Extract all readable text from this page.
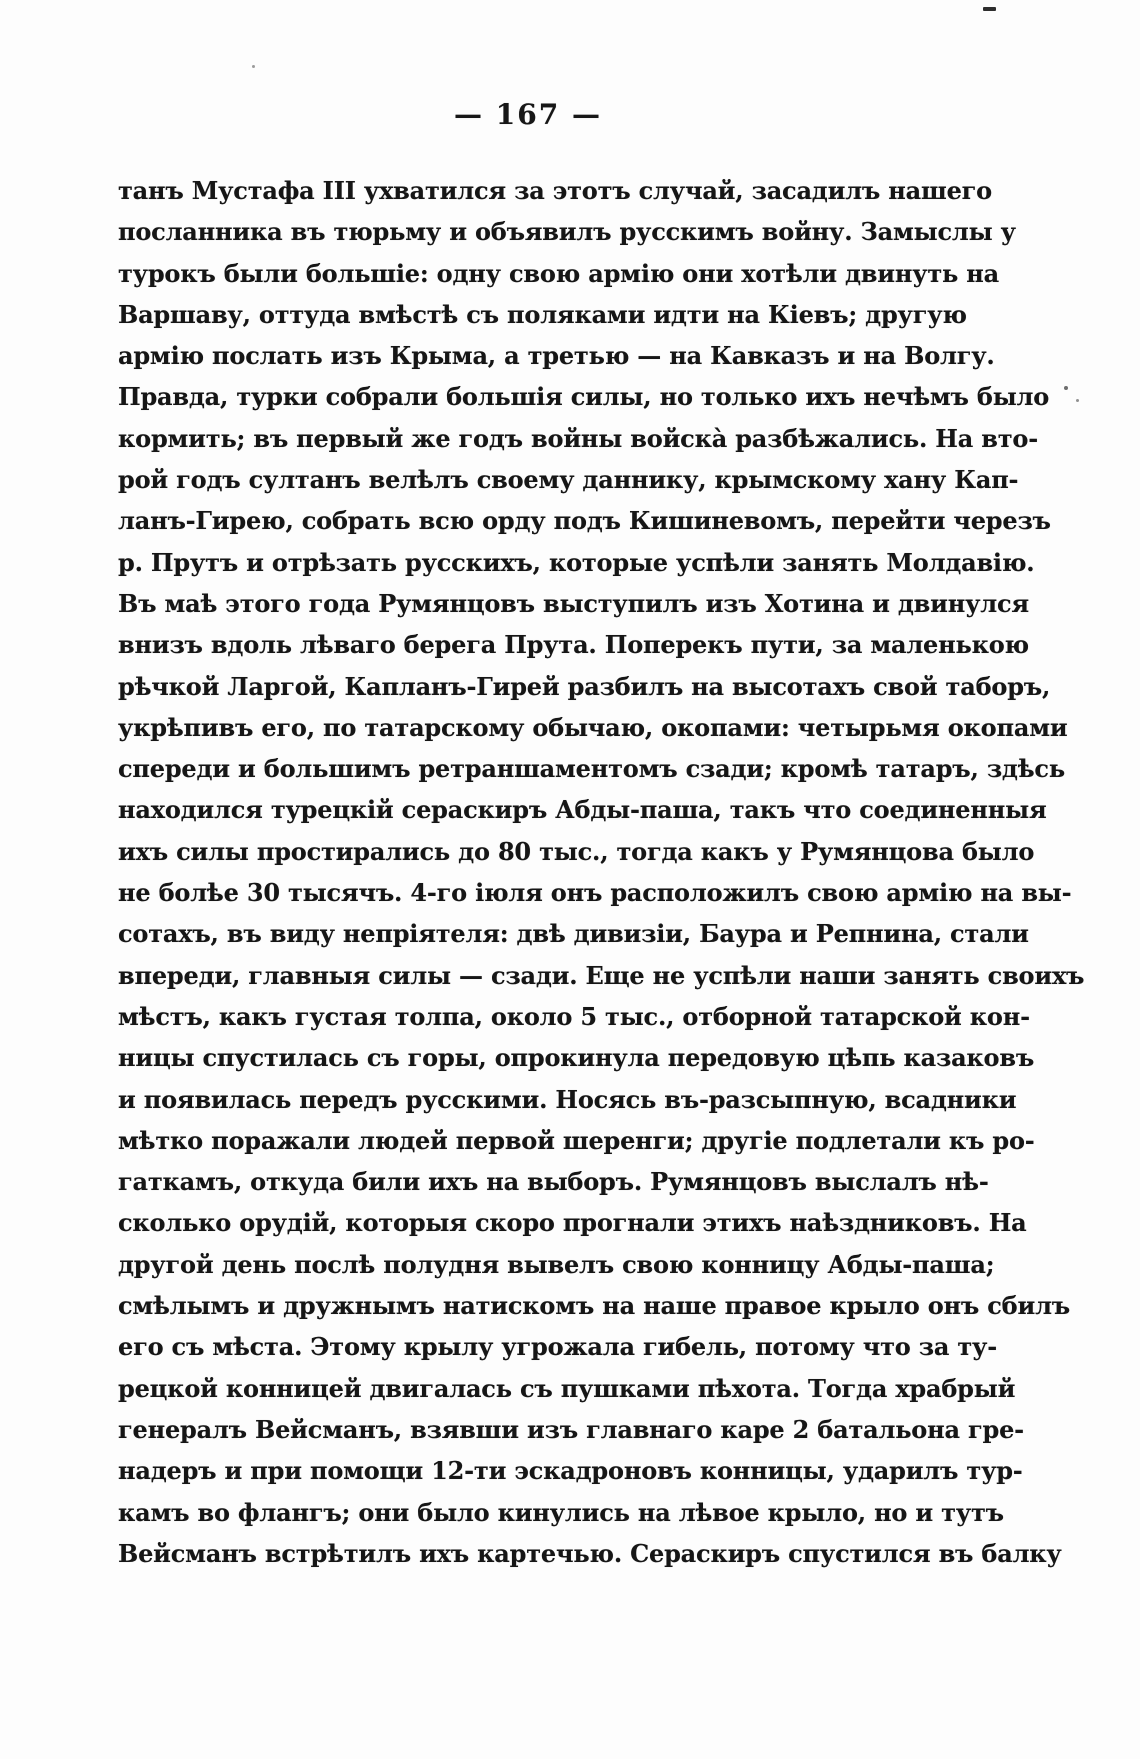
— 167 —
танъ Мустафа III ухватился за этотъ случай, засадилъ нашего
посланника въ тюрьму и объявилъ русскимъ войну. Замыслы у
турокъ были большіе: одну свою армію они хотѣли двинуть на
Варшаву, оттуда вмѣстѣ съ поляками идти на Кіевъ; другую
армію послать изъ Крыма, а третью — на Кавказъ и на Волгу.
Правда, турки собрали большія силы, но только ихъ нечѣмъ было
кормить; въ первый же годъ войны войска̀ разбѣжались. На вто-
рой годъ султанъ велѣлъ своему даннику, крымскому хану Кап-
ланъ-Гирею, собрать всю орду подъ Кишиневомъ, перейти черезъ
р. Прутъ и отрѣзать русскихъ, которые успѣли занять Молдавію.
Въ маѣ этого года Румянцовъ выступилъ изъ Хотина и двинулся
внизъ вдоль лѣваго берега Прута. Поперекъ пути, за маленькою
рѣчкой Ларгой, Капланъ-Гирей разбилъ на высотахъ свой таборъ,
укрѣпивъ его, по татарскому обычаю, окопами: четырьмя окопами
спереди и большимъ ретраншаментомъ сзади; кромѣ татаръ, здѣсь
находился турецкій сераскиръ Абды-паша, такъ что соединенныя
ихъ силы простирались до 80 тыс., тогда какъ у Румянцова было
не болѣе 30 тысячъ. 4-го іюля онъ расположилъ свою армію на вы-
сотахъ, въ виду непріятеля: двѣ дивизіи, Баура и Репнина, стали
впереди, главныя силы — сзади. Еще не успѣли наши занять своихъ
мѣстъ, какъ густая толпа, около 5 тыс., отборной татарской кон-
ницы спустилась съ горы, опрокинула передовую цѣпь казаковъ
и появилась передъ русскими. Носясь въ-разсыпную, всадники
мѣтко поражали людей первой шеренги; другіе подлетали къ ро-
гаткамъ, откуда били ихъ на выборъ. Румянцовъ выслалъ нѣ-
сколько орудій, которыя скоро прогнали этихъ наѣздниковъ. На
другой день послѣ полудня вывелъ свою конницу Абды-паша;
смѣлымъ и дружнымъ натискомъ на наше правое крыло онъ сбилъ
его съ мѣста. Этому крылу угрожала гибель, потому что за ту-
рецкой конницей двигалась съ пушками пѣхота. Тогда храбрый
генералъ Вейсманъ, взявши изъ главнаго каре 2 батальона гре-
надеръ и при помощи 12-ти эскадроновъ конницы, ударилъ тур-
камъ во флангъ; они было кинулись на лѣвое крыло, но и тутъ
Вейсманъ встрѣтилъ ихъ картечью. Сераскиръ спустился въ балку
